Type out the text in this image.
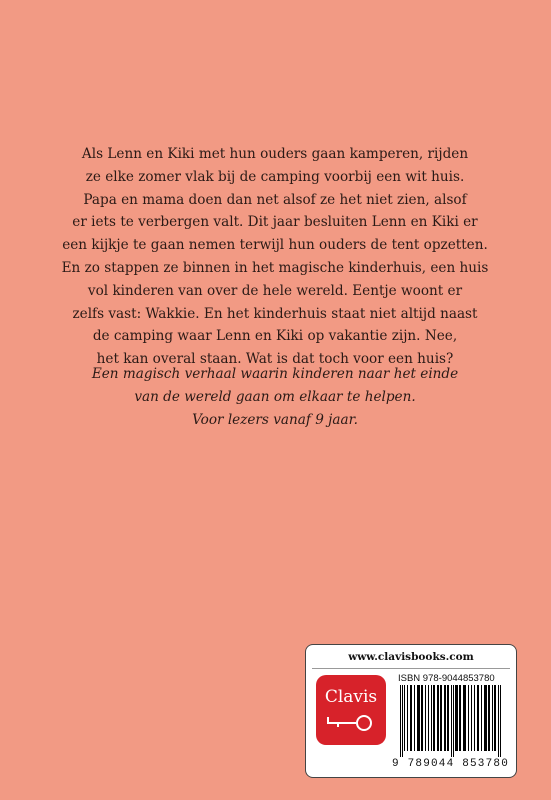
Als Lenn en Kiki met hun ouders gaan kamperen, rijden

ze elke zomer vlak bij de camping voorbij een wit huis.

Papa en mama doen dan net alsof ze het niet zien, alsof

er iets te verbergen valt. Dit jaar besluiten Lenn en Kiki er

een kijkje te gaan nemen terwijl hun ouders de tent opzetten.

En zo stappen ze binnen in het magische kinderhuis, een huis

vol kinderen van over de hele wereld. Eentje woont er

zelfs vast: Wakkie. En het kinderhuis staat niet altijd naast

de camping waar Lenn en Kiki op vakantie zijn. Nee,

het kan overal staan. Wat is dat toch voor een huis?

Een magisch verhaal waarin kinderen naar het einde

van de wereld gaan om elkaar te helpen.

Voor lezers vanaf 9 jaar.

www.clavisbooks.com
Clavis
ISBN 978-9044853780
9 789044 853780
